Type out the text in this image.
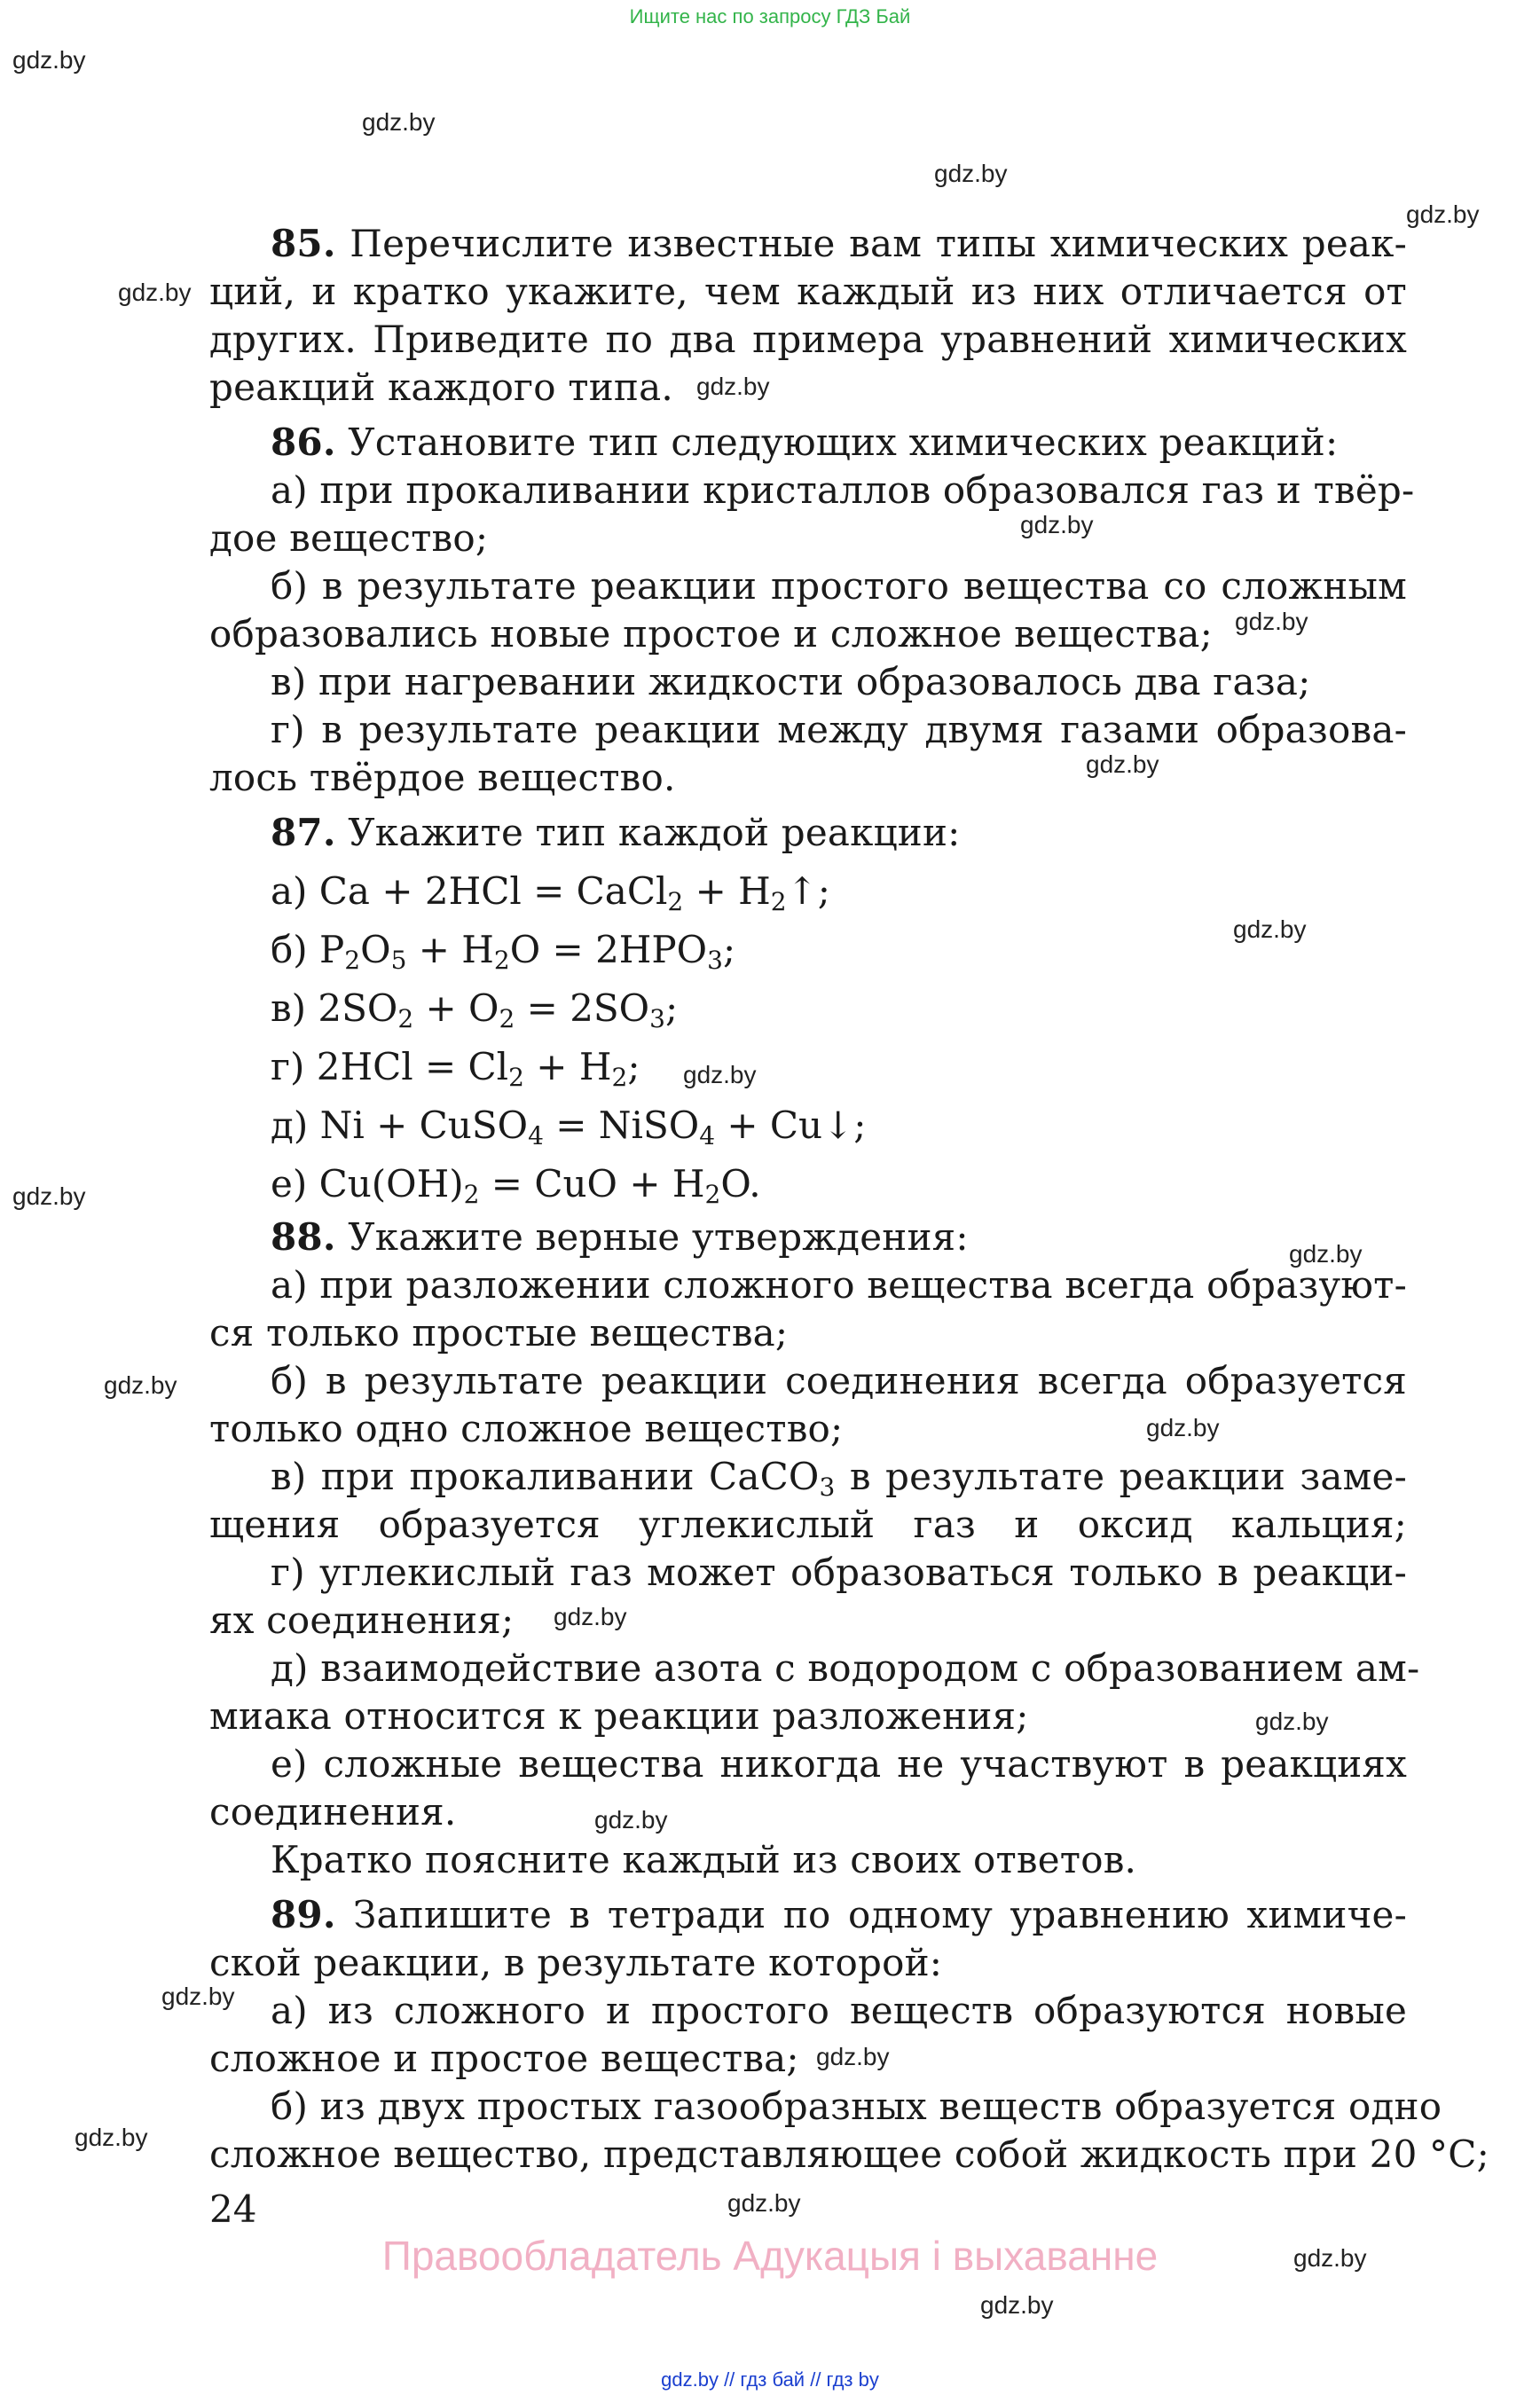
Ищите нас по запросу ГДЗ Бай
gdz.by
gdz.by
gdz.by
gdz.by
gdz.by
gdz.by
gdz.by
gdz.by
gdz.by
gdz.by
gdz.by
gdz.by
gdz.by
gdz.by
gdz.by
gdz.by
gdz.by
gdz.by
gdz.by
gdz.by
gdz.by
gdz.by
gdz.by
gdz.by
85. Перечислите известные вам типы химических реак-
ций, и кратко укажите, чем каждый из них отличается от
других. Приведите по два примера уравнений химических
реакций каждого типа.
86. Установите тип следующих химических реакций:
а) при прокаливании кристаллов образовался газ и твёр-
дое вещество;
б) в результате реакции простого вещества со сложным
образовались новые простое и сложное вещества;
в) при нагревании жидкости образовалось два газа;
г) в результате реакции между двумя газами образова-
лось твёрдое вещество.
87. Укажите тип каждой реакции:
а) Ca + 2HCl = CaCl$_2$ + $H_2↑$;
б) $P_2O_5 + H_2O = 2HPO_3$;
в) $2SO_2 + O_2 = 2SO_3$;
г) $2HCl = Cl_2 + H_2$;
д) Ni + CuSO$_4$ = NiSO$_4$ + Cu↓;
е) $Cu(OH)_2$ = CuO + $H_2O$.
88. Укажите верные утверждения:
а) при разложении сложного вещества всегда образуют-
ся только простые вещества;
б) в результате реакции соединения всегда образуется
только одно сложное вещество;
в) при прокаливании CaCO$_3$ в результате реакции заме-
щения образуется углекислый газ и оксид кальция;
г) углекислый газ может образоваться только в реакци-
ях соединения;
д) взаимодействие азота с водородом с образованием ам-
миака относится к реакции разложения;
е) сложные вещества никогда не участвуют в реакциях
соединения.
Кратко поясните каждый из своих ответов.
89. Запишите в тетради по одному уравнению химиче-
ской реакции, в результате которой:
а) из сложного и простого веществ образуются новые
сложное и простое вещества;
б) из двух простых газообразных веществ образуется одно
сложное вещество, представляющее собой жидкость при 20 °C;
24
Правообладатель Адукацыя і выхаванне
gdz.by // гдз бай // гдз by
